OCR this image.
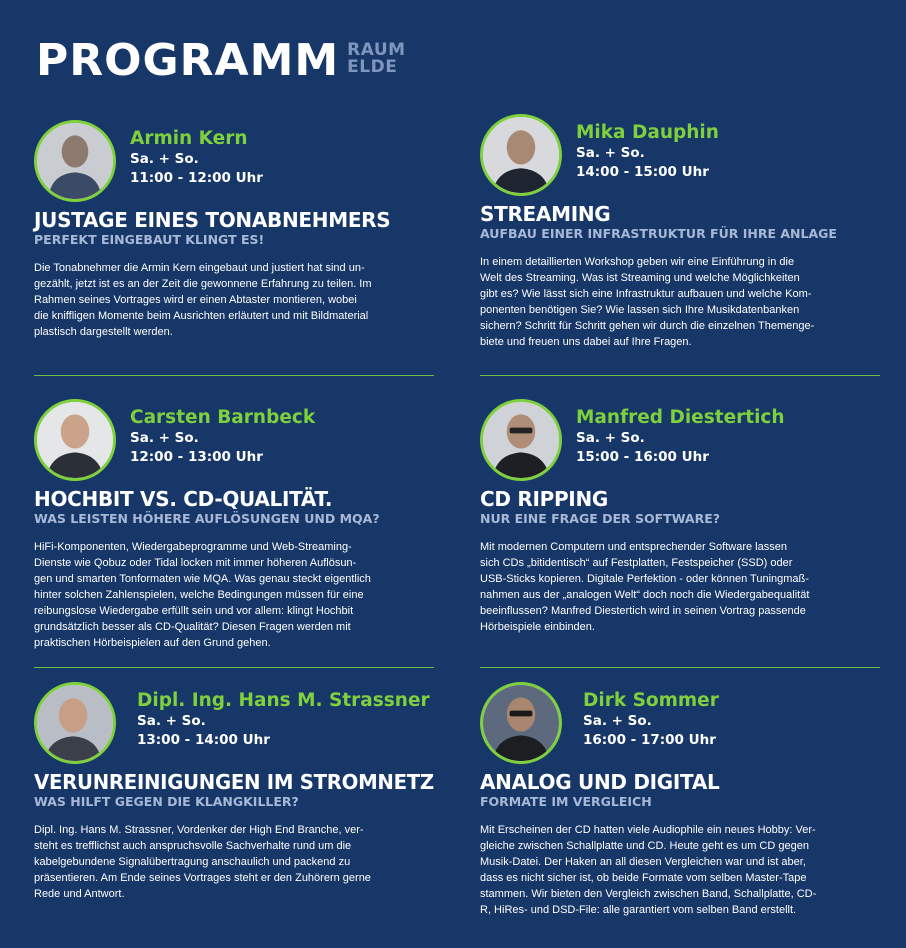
PROGRAMM RAUM
ELDE
Armin Kern
Sa. + So.
11:00 - 12:00 Uhr
JUSTAGE EINES TONABNEHMERS
PERFEKT EINGEBAUT KLINGT ES!
Die Tonabnehmer die Armin Kern eingebaut und justiert hat sind un-
gezählt, jetzt ist es an der Zeit die gewonnene Erfahrung zu teilen. Im
Rahmen seines Vortrages wird er einen Abtaster montieren, wobei
die kniffligen Momente beim Ausrichten erläutert und mit Bildmaterial
plastisch dargestellt werden.
Mika Dauphin
Sa. + So.
14:00 - 15:00 Uhr
STREAMING
AUFBAU EINER INFRASTRUKTUR FÜR IHRE ANLAGE
In einem detaillierten Workshop geben wir eine Einführung in die
Welt des Streaming. Was ist Streaming und welche Möglichkeiten
gibt es? Wie lässt sich eine Infrastruktur aufbauen und welche Kom-
ponenten benötigen Sie? Wie lassen sich Ihre Musikdatenbanken
sichern? Schritt für Schritt gehen wir durch die einzelnen Themenge-
biete und freuen uns dabei auf Ihre Fragen.
Carsten Barnbeck
Sa. + So.
12:00 - 13:00 Uhr
HOCHBIT VS. CD-QUALITÄT.
WAS LEISTEN HÖHERE AUFLÖSUNGEN UND MQA?
HiFi-Komponenten, Wiedergabeprogramme und Web-Streaming-
Dienste wie Qobuz oder Tidal locken mit immer höheren Auflösun-
gen und smarten Tonformaten wie MQA. Was genau steckt eigentlich
hinter solchen Zahlenspielen, welche Bedingungen müssen für eine
reibungslose Wiedergabe erfüllt sein und vor allem: klingt Hochbit
grundsätzlich besser als CD-Qualität? Diesen Fragen werden mit
praktischen Hörbeispielen auf den Grund gehen.
Manfred Diestertich
Sa. + So.
15:00 - 16:00 Uhr
CD RIPPING
NUR EINE FRAGE DER SOFTWARE?
Mit modernen Computern und entsprechender Software lassen
sich CDs „bitidentisch“ auf Festplatten, Festspeicher (SSD) oder
USB-Sticks kopieren. Digitale Perfektion - oder können Tuningmaß-
nahmen aus der „analogen Welt“ doch noch die Wiedergabequalität
beeinflussen? Manfred Diestertich wird in seinen Vortrag passende
Hörbeispiele einbinden.
Dipl. Ing. Hans M. Strassner
Sa. + So.
13:00 - 14:00 Uhr
VERUNREINIGUNGEN IM STROMNETZ
WAS HILFT GEGEN DIE KLANGKILLER?
Dipl. Ing. Hans M. Strassner, Vordenker der High End Branche, ver-
steht es trefflichst auch anspruchsvolle Sachverhalte rund um die
kabelgebundene Signalübertragung anschaulich und packend zu
präsentieren. Am Ende seines Vortrages steht er den Zuhörern gerne
Rede und Antwort.
Dirk Sommer
Sa. + So.
16:00 - 17:00 Uhr
ANALOG UND DIGITAL
FORMATE IM VERGLEICH
Mit Erscheinen der CD hatten viele Audiophile ein neues Hobby: Ver-
gleiche zwischen Schallplatte und CD. Heute geht es um CD gegen
Musik-Datei. Der Haken an all diesen Vergleichen war und ist aber,
dass es nicht sicher ist, ob beide Formate vom selben Master-Tape
stammen. Wir bieten den Vergleich zwischen Band, Schallplatte, CD-
R, HiRes- und DSD-File: alle garantiert vom selben Band erstellt.
